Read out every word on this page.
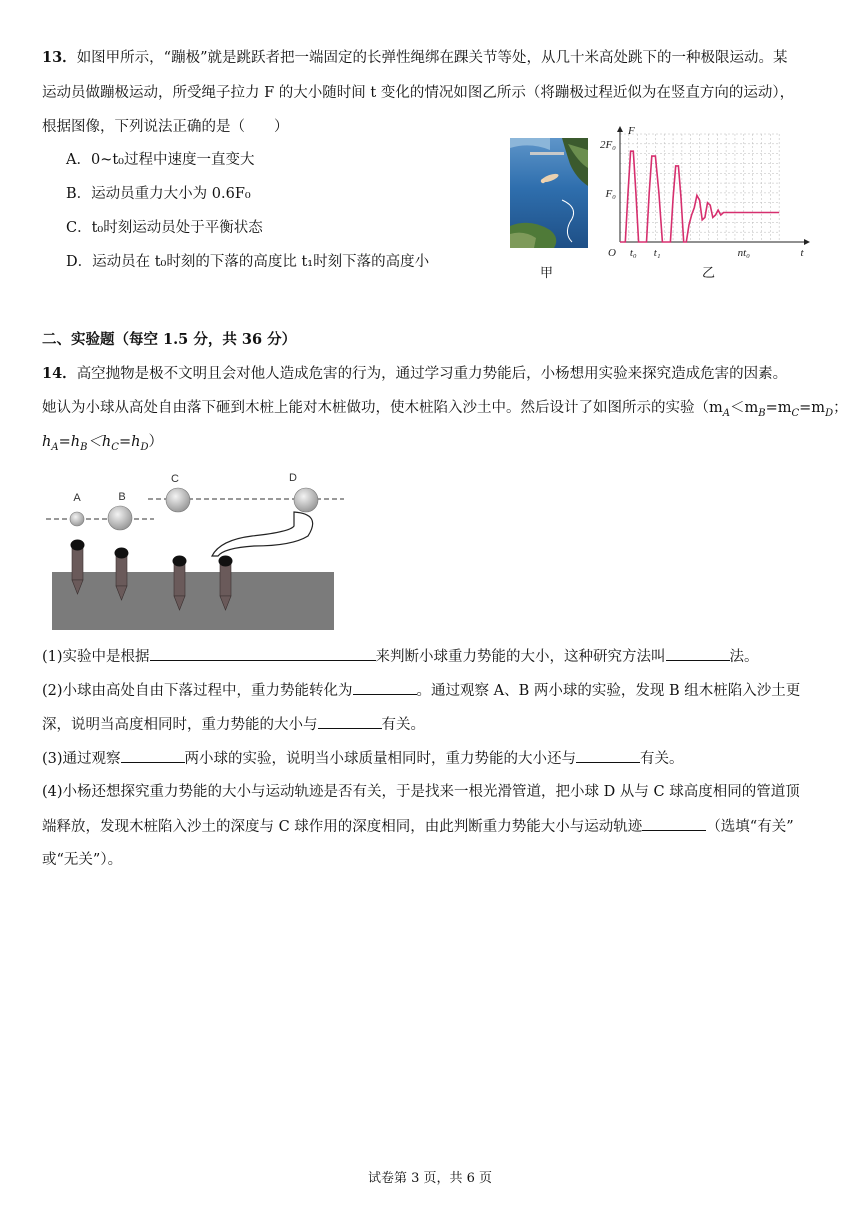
13．如图甲所示，“蹦极”就是跳跃者把一端固定的长弹性绳绑在踝关节等处，从几十米高处跳下的一种极限运动。某
运动员做蹦极运动，所受绳子拉力 F 的大小随时间 t 变化的情况如图乙所示（将蹦极过程近似为在竖直方向的运动），
根据图像，下列说法正确的是（　　）
A．0~t₀过程中速度一直变大
B．运动员重力大小为 0.6F₀
C．t₀时刻运动员处于平衡状态
D．运动员在 t₀时刻的下落的高度比 t₁时刻下落的高度小
甲
F
t
2F₀
F₀
O t₀ t₁	nt₀
乙
二、实验题（每空 1.5 分，共 36 分）
14．高空抛物是极不文明且会对他人造成危害的行为，通过学习重力势能后，小杨想用实验来探究造成危害的因素。
她认为小球从高处自由落下砸到木桩上能对木桩做功，使木桩陷入沙土中。然后设计了如图所示的实验（$m_A<m_B=m_C=m_D$；
$h_A=h_B<h_C=h_D$）
A	B
C	D
(1)实验中是根据	来判断小球重力势能的大小，这种研究方法叫	法。
(2)小球由高处自由下落过程中，重力势能转化为	。通过观察 A、B 两小球的实验，发现 B 组木桩陷入沙土更
深，说明当高度相同时，重力势能的大小与	有关。
(3)通过观察	两小球的实验，说明当小球质量相同时，重力势能的大小还与	有关。
(4)小杨还想探究重力势能的大小与运动轨迹是否有关，于是找来一根光滑管道，把小球 D 从与 C 球高度相同的管道顶
端释放，发现木桩陷入沙土的深度与 C 球作用的深度相同，由此判断重力势能大小与运动轨迹	（选填“有关”
或“无关”）。
试卷第 3 页，共 6 页
